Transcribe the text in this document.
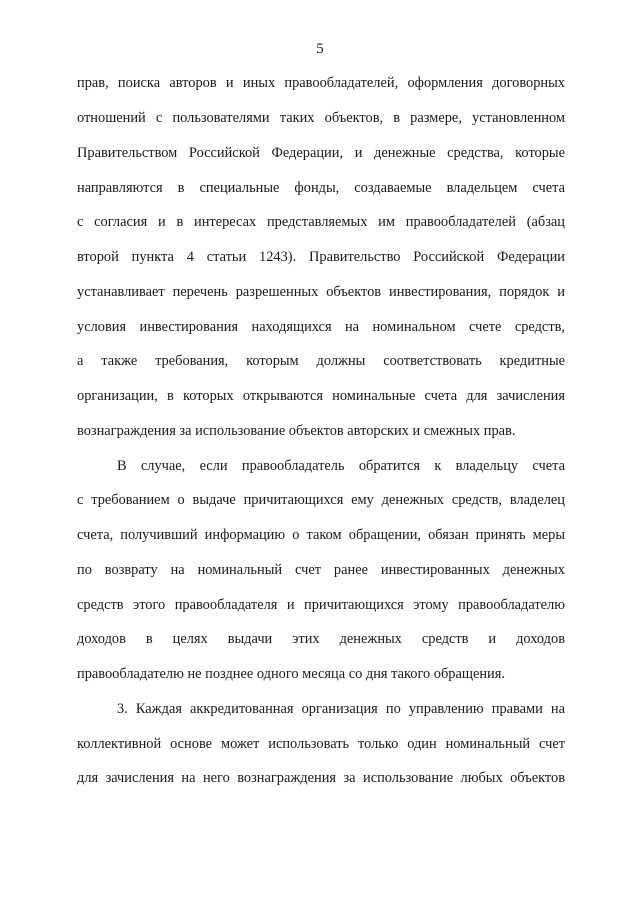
5
прав, поиска авторов и иных правообладателей, оформления договорных
отношений с пользователями таких объектов, в размере, установленном
Правительством Российской Федерации, и денежные средства, которые
направляются в специальные фонды, создаваемые владельцем счета
с согласия и в интересах представляемых им правообладателей (абзац
второй пункта 4 статьи 1243). Правительство Российской Федерации
устанавливает перечень разрешенных объектов инвестирования, порядок и
условия инвестирования находящихся на номинальном счете средств,
а также требования, которым должны соответствовать кредитные
организации, в которых открываются номинальные счета для зачисления
вознаграждения за использование объектов авторских и смежных прав.
В случае, если правообладатель обратится к владельцу счета
с требованием о выдаче причитающихся ему денежных средств, владелец
счета, получивший информацию о таком обращении, обязан принять меры
по возврату на номинальный счет ранее инвестированных денежных
средств этого правообладателя и причитающихся этому правообладателю
доходов в целях выдачи этих денежных средств и доходов
правообладателю не позднее одного месяца со дня такого обращения.
3. Каждая аккредитованная организация по управлению правами на
коллективной основе может использовать только один номинальный счет
для зачисления на него вознаграждения за использование любых объектов
